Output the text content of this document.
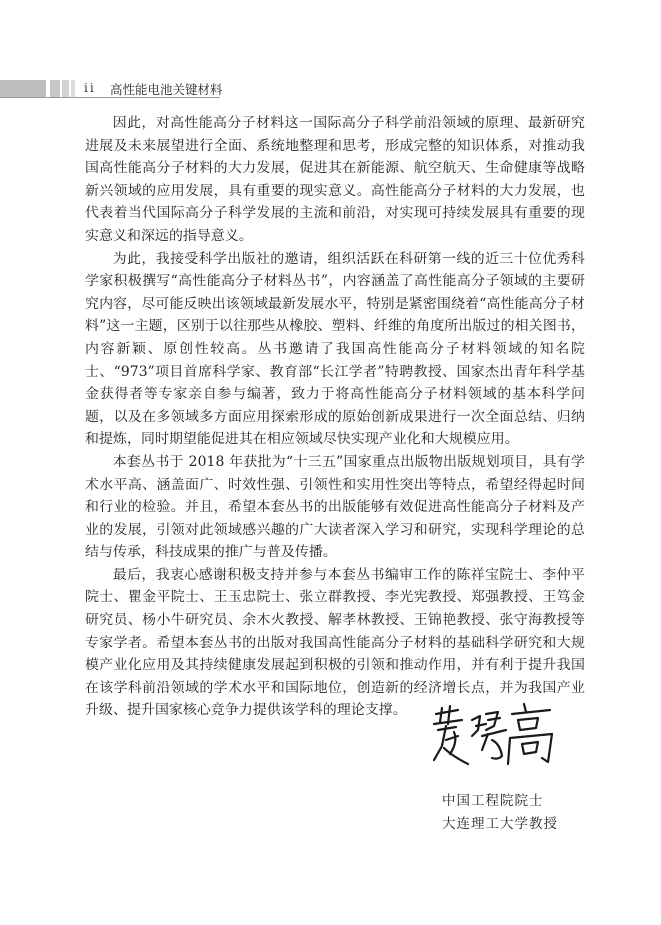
ii 高性能电池关键材料

因此，对高性能高分子材料这一国际高分子科学前沿领域的原理、最新研究进展及未来展望进行全面、系统地整理和思考，形成完整的知识体系，对推动我国高性能高分子材料的大力发展，促进其在新能源、航空航天、生命健康等战略新兴领域的应用发展，具有重要的现实意义。高性能高分子材料的大力发展，也代表着当代国际高分子科学发展的主流和前沿，对实现可持续发展具有重要的现实意义和深远的指导意义。

为此，我接受科学出版社的邀请，组织活跃在科研第一线的近三十位优秀科学家积极撰写“高性能高分子材料丛书”，内容涵盖了高性能高分子领域的主要研究内容，尽可能反映出该领域最新发展水平，特别是紧密围绕着“高性能高分子材料”这一主题，区别于以往那些从橡胶、塑料、纤维的角度所出版过的相关图书，内容新颖、原创性较高。丛书邀请了我国高性能高分子材料领域的知名院士、“973”项目首席科学家、教育部“长江学者”特聘教授、国家杰出青年科学基金获得者等专家亲自参与编著，致力于将高性能高分子材料领域的基本科学问题，以及在多领域多方面应用探索形成的原始创新成果进行一次全面总结、归纳和提炼，同时期望能促进其在相应领域尽快实现产业化和大规模应用。

本套丛书于 2018 年获批为“十三五”国家重点出版物出版规划项目，具有学术水平高、涵盖面广、时效性强、引领性和实用性突出等特点，希望经得起时间和行业的检验。并且，希望本套丛书的出版能够有效促进高性能高分子材料及产业的发展，引领对此领域感兴趣的广大读者深入学习和研究，实现科学理论的总结与传承，科技成果的推广与普及传播。

最后，我衷心感谢积极支持并参与本套丛书编审工作的陈祥宝院士、李仲平院士、瞿金平院士、王玉忠院士、张立群教授、李光宪教授、郑强教授、王笃金研究员、杨小牛研究员、余木火教授、解孝林教授、王锦艳教授、张守海教授等专家学者。希望本套丛书的出版对我国高性能高分子材料的基础科学研究和大规模产业化应用及其持续健康发展起到积极的引领和推动作用，并有利于提升我国在该学科前沿领域的学术水平和国际地位，创造新的经济增长点，并为我国产业升级、提升国家核心竞争力提供该学科的理论支撑。

中国工程院院士
大连理工大学教授
